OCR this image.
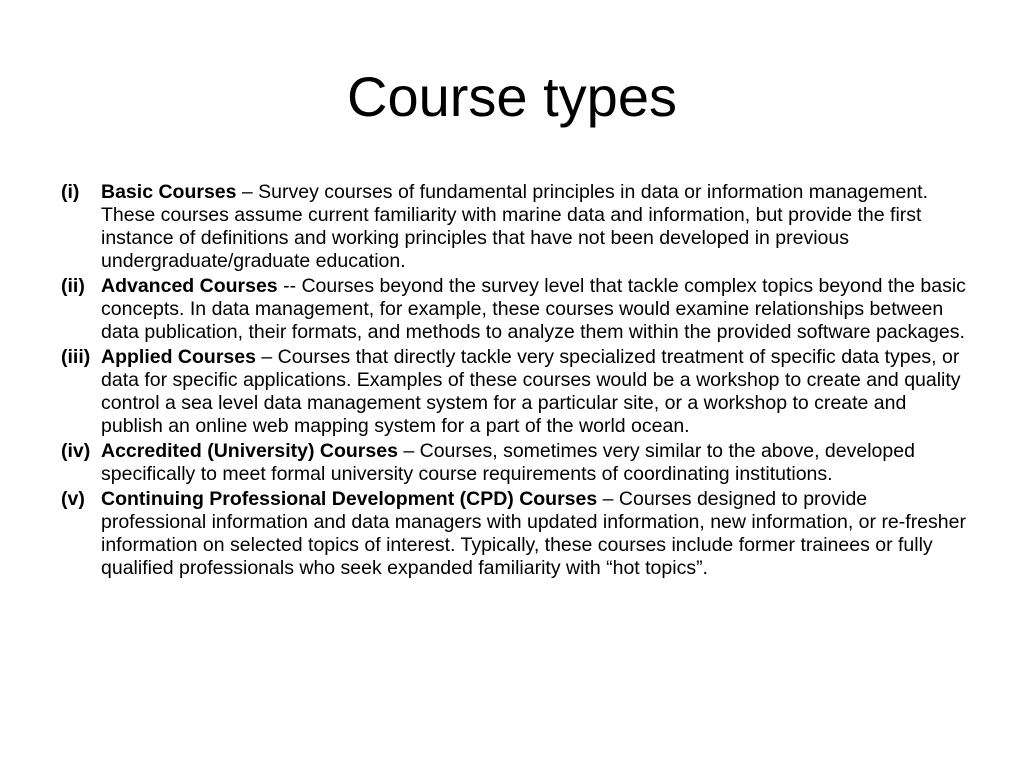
Course types
(i) Basic Courses – Survey courses of fundamental principles in data or information management. These courses assume current familiarity with marine data and information, but provide the first instance of definitions and working principles that have not been developed in previous undergraduate/graduate education.
(ii) Advanced Courses -- Courses beyond the survey level that tackle complex topics beyond the basic concepts. In data management, for example, these courses would examine relationships between data publication, their formats, and methods to analyze them within the provided software packages.
(iii) Applied Courses – Courses that directly tackle very specialized treatment of specific data types, or data for specific applications. Examples of these courses would be a workshop to create and quality control a sea level data management system for a particular site, or a workshop to create and publish an online web mapping system for a part of the world ocean.
(iv) Accredited (University) Courses – Courses, sometimes very similar to the above, developed specifically to meet formal university course requirements of coordinating institutions.
(v) Continuing Professional Development (CPD) Courses – Courses designed to provide professional information and data managers with updated information, new information, or re-fresher information on selected topics of interest. Typically, these courses include former trainees or fully qualified professionals who seek expanded familiarity with “hot topics”.
